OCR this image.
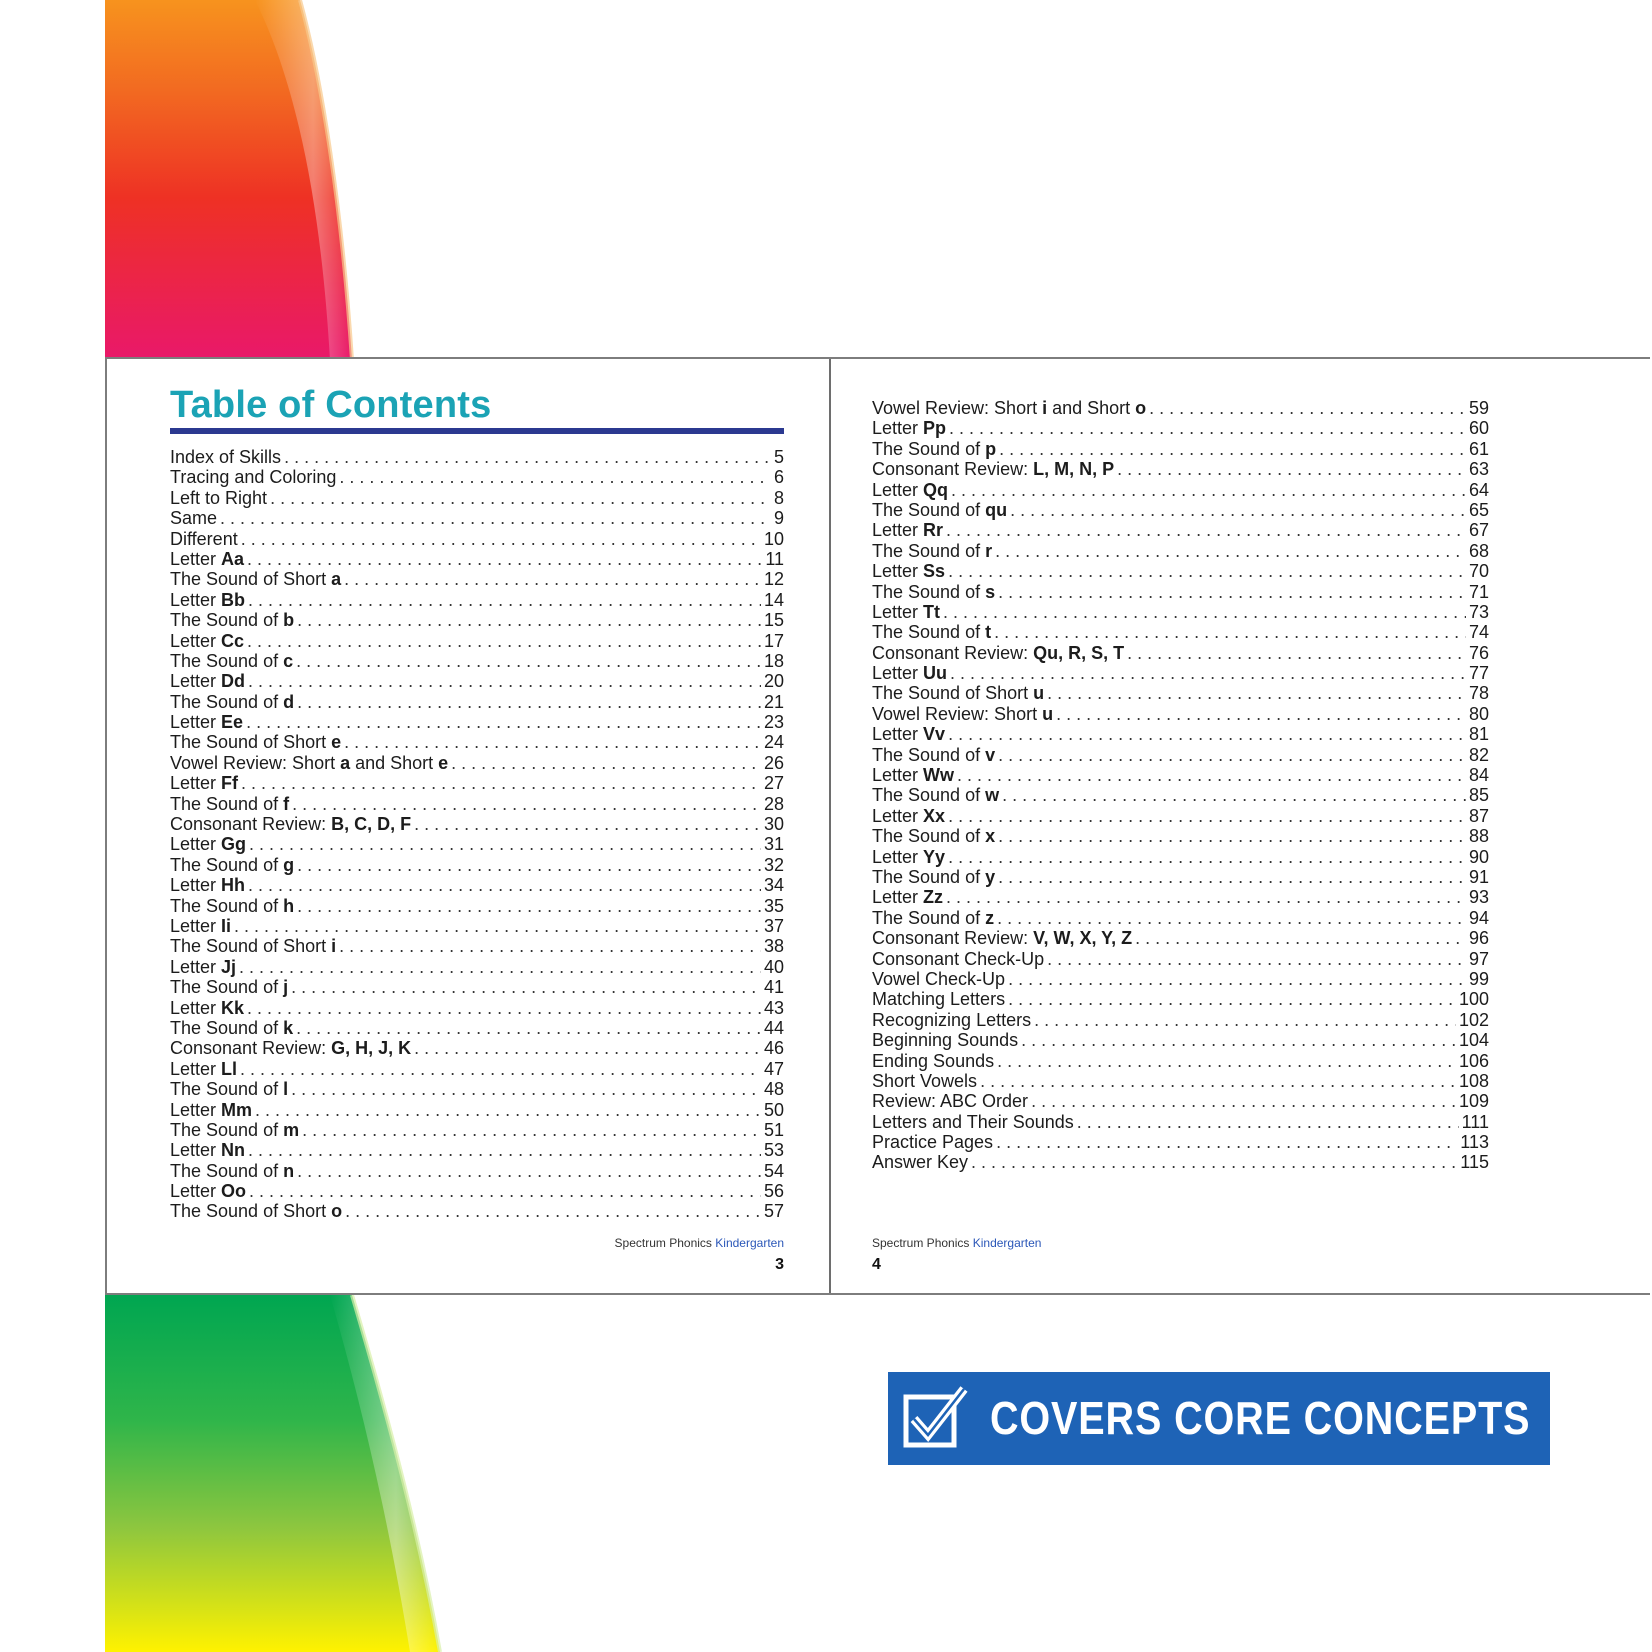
Table of Contents
Index of Skills . . .	5
Tracing and Coloring . . .	6
Left to Right . . .	8
Same . . .	9
Different . . .	10
Letter Aa . . .	11
The Sound of Short a . . .	12
Letter Bb . . .	14
The Sound of b . . .	15
Letter Cc . . .	17
The Sound of c . . .	18
Letter Dd . . .	20
The Sound of d . . .	21
Letter Ee . . .	23
The Sound of Short e . . .	24
Vowel Review: Short a and Short e . . .	26
Letter Ff . . .	27
The Sound of f . . .	28
Consonant Review: B, C, D, F . . .	30
Letter Gg . . .	31
The Sound of g . . .	32
Letter Hh . . .	34
The Sound of h . . .	35
Letter Ii . . .	37
The Sound of Short i . . .	38
Letter Jj . . .	40
The Sound of j . . .	41
Letter Kk . . .	43
The Sound of k . . .	44
Consonant Review: G, H, J, K . . .	46
Letter Ll . . .	47
The Sound of l . . .	48
Letter Mm . . .	50
The Sound of m . . .	51
Letter Nn . . .	53
The Sound of n . . .	54
Letter Oo . . .	56
The Sound of Short o . . .	57
Spectrum Phonics Kindergarten
3
Vowel Review: Short i and Short o . . .	59
Letter Pp . . .	60
The Sound of p . . .	61
Consonant Review: L, M, N, P . . .	63
Letter Qq . . .	64
The Sound of qu . . .	65
Letter Rr . . .	67
The Sound of r . . .	68
Letter Ss . . .	70
The Sound of s . . .	71
Letter Tt . . .	73
The Sound of t . . .	74
Consonant Review: Qu, R, S, T . . .	76
Letter Uu . . .	77
The Sound of Short u . . .	78
Vowel Review: Short u . . .	80
Letter Vv . . .	81
The Sound of v . . .	82
Letter Ww . . .	84
The Sound of w . . .	85
Letter Xx . . .	87
The Sound of x . . .	88
Letter Yy . . .	90
The Sound of y . . .	91
Letter Zz . . .	93
The Sound of z . . .	94
Consonant Review: V, W, X, Y, Z . . .	96
Consonant Check-Up . . .	97
Vowel Check-Up . . .	99
Matching Letters . . .	100
Recognizing Letters . . .	102
Beginning Sounds . . .	104
Ending Sounds . . .	106
Short Vowels . . .	108
Review: ABC Order . . .	109
Letters and Their Sounds . . .	111
Practice Pages . . .	113
Answer Key . . .	115
Spectrum Phonics Kindergarten
4
COVERS CORE CONCEPTS
